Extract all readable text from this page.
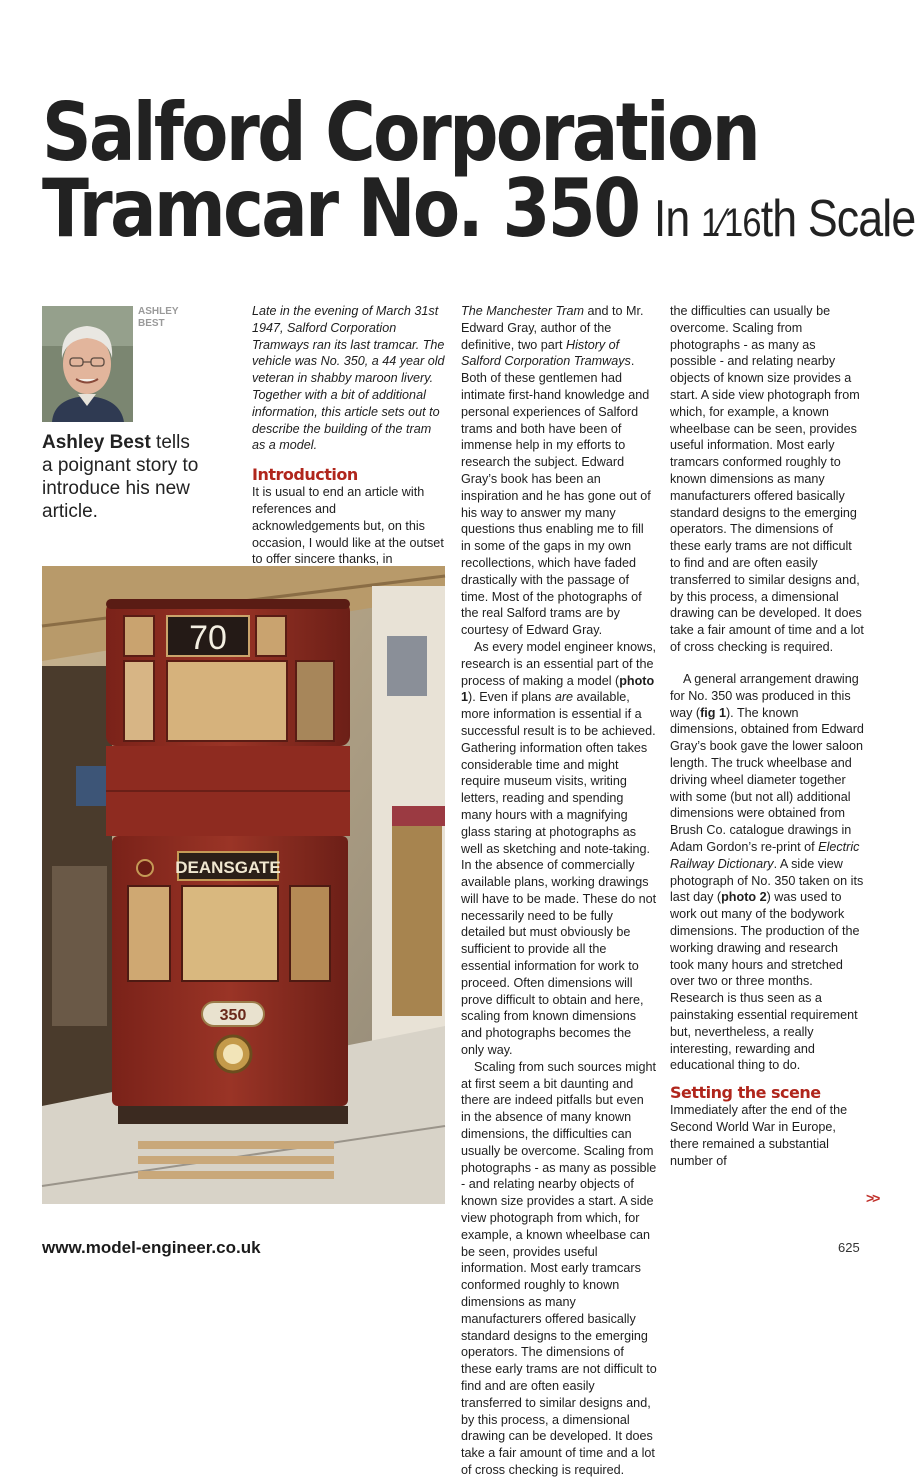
Salford Corporation
Tramcar No. 350 In 1⁄16th Scale
ASHLEY
BEST

Ashley Best tells a poignant story to introduce his new article.

Late in the evening of March 31st 1947, Salford Corporation Tramways ran its last tramcar. The vehicle was No. 350, a 44 year old veteran in shabby maroon livery. Together with a bit of additional information, this article sets out to describe the building of the tram as a model.

Introduction

It is usual to end an article with references and acknowledgements but, on this occasion, I would like at the outset to offer sincere thanks, in

The Manchester Tram and to Mr. Edward Gray, author of the definitive, two part History of Salford Corporation Tramways. Both of these gentlemen had intimate first-hand knowledge and personal experiences of Salford trams and both have been of immense help in my efforts to research the subject. Edward Gray’s book has been an inspiration and he has gone out of his way to answer my many questions thus enabling me to fill in some of the gaps in my own recollections, which have faded drastically with the passage of time. Most of the photographs of the real Salford trams are by courtesy of Edward Gray.

As every model engineer knows, research is an essential part of the process of making a model (photo 1). Even if plans are available, more information is essential if a successful result is to be achieved. Gathering information often takes considerable time and might require museum visits, writing letters, reading and spending many hours with a magnifying glass staring at photographs as well as sketching and note-taking. In the absence of commercially available plans, working drawings will have to be made. These do not necessarily need to be fully detailed but must obviously be sufficient to provide all the essential information for work to proceed. Often dimensions will prove difficult to obtain and here, scaling from known dimensions and photographs becomes the only way.

Scaling from such sources might at first seem a bit daunting and there are indeed pitfalls but even in the absence of many known dimensions, the difficulties can usually be overcome. Scaling from photographs - as many as possible - and relating nearby objects of known size provides a start. A side view photograph from which, for example, a known wheelbase can be seen, provides useful information. Most early tramcars conformed roughly to known dimensions as many manufacturers offered basically standard designs to the emerging operators. The dimensions of these early trams are not difficult to find and are often easily transferred to similar designs and, by this process, a dimensional drawing can be developed. It does take a fair amount of time and a lot of cross checking is required.

the difficulties can usually be overcome. Scaling from photographs - as many as possible - and relating nearby objects of known size provides a start. A side view photograph from which, for example, a known wheelbase can be seen, provides useful information. Most early tramcars conformed roughly to known dimensions as many manufacturers offered basically standard designs to the emerging operators. The dimensions of these early trams are not difficult to find and are often easily transferred to similar designs and, by this process, a dimensional drawing can be developed. It does take a fair amount of time and a lot of cross checking is required.

A general arrangement drawing for No. 350 was produced in this way (fig 1). The known dimensions, obtained from Edward Gray’s book gave the lower saloon length. The truck wheelbase and driving wheel diameter together with some (but not all) additional dimensions were obtained from Brush Co. catalogue drawings in Adam Gordon’s re-print of Electric Railway Dictionary. A side view photograph of No. 350 taken on its last day (photo 2) was used to work out many of the bodywork dimensions. The production of the working drawing and research took many hours and stretched over two or three months. Research is thus seen as a painstaking essential requirement but, nevertheless, a really interesting, rewarding and educational thing to do.

Setting the scene

Immediately after the end of the Second World War in Europe, there remained a substantial number of

>>
70
DEANSGATE
350
www.model-engineer.co.uk	625
